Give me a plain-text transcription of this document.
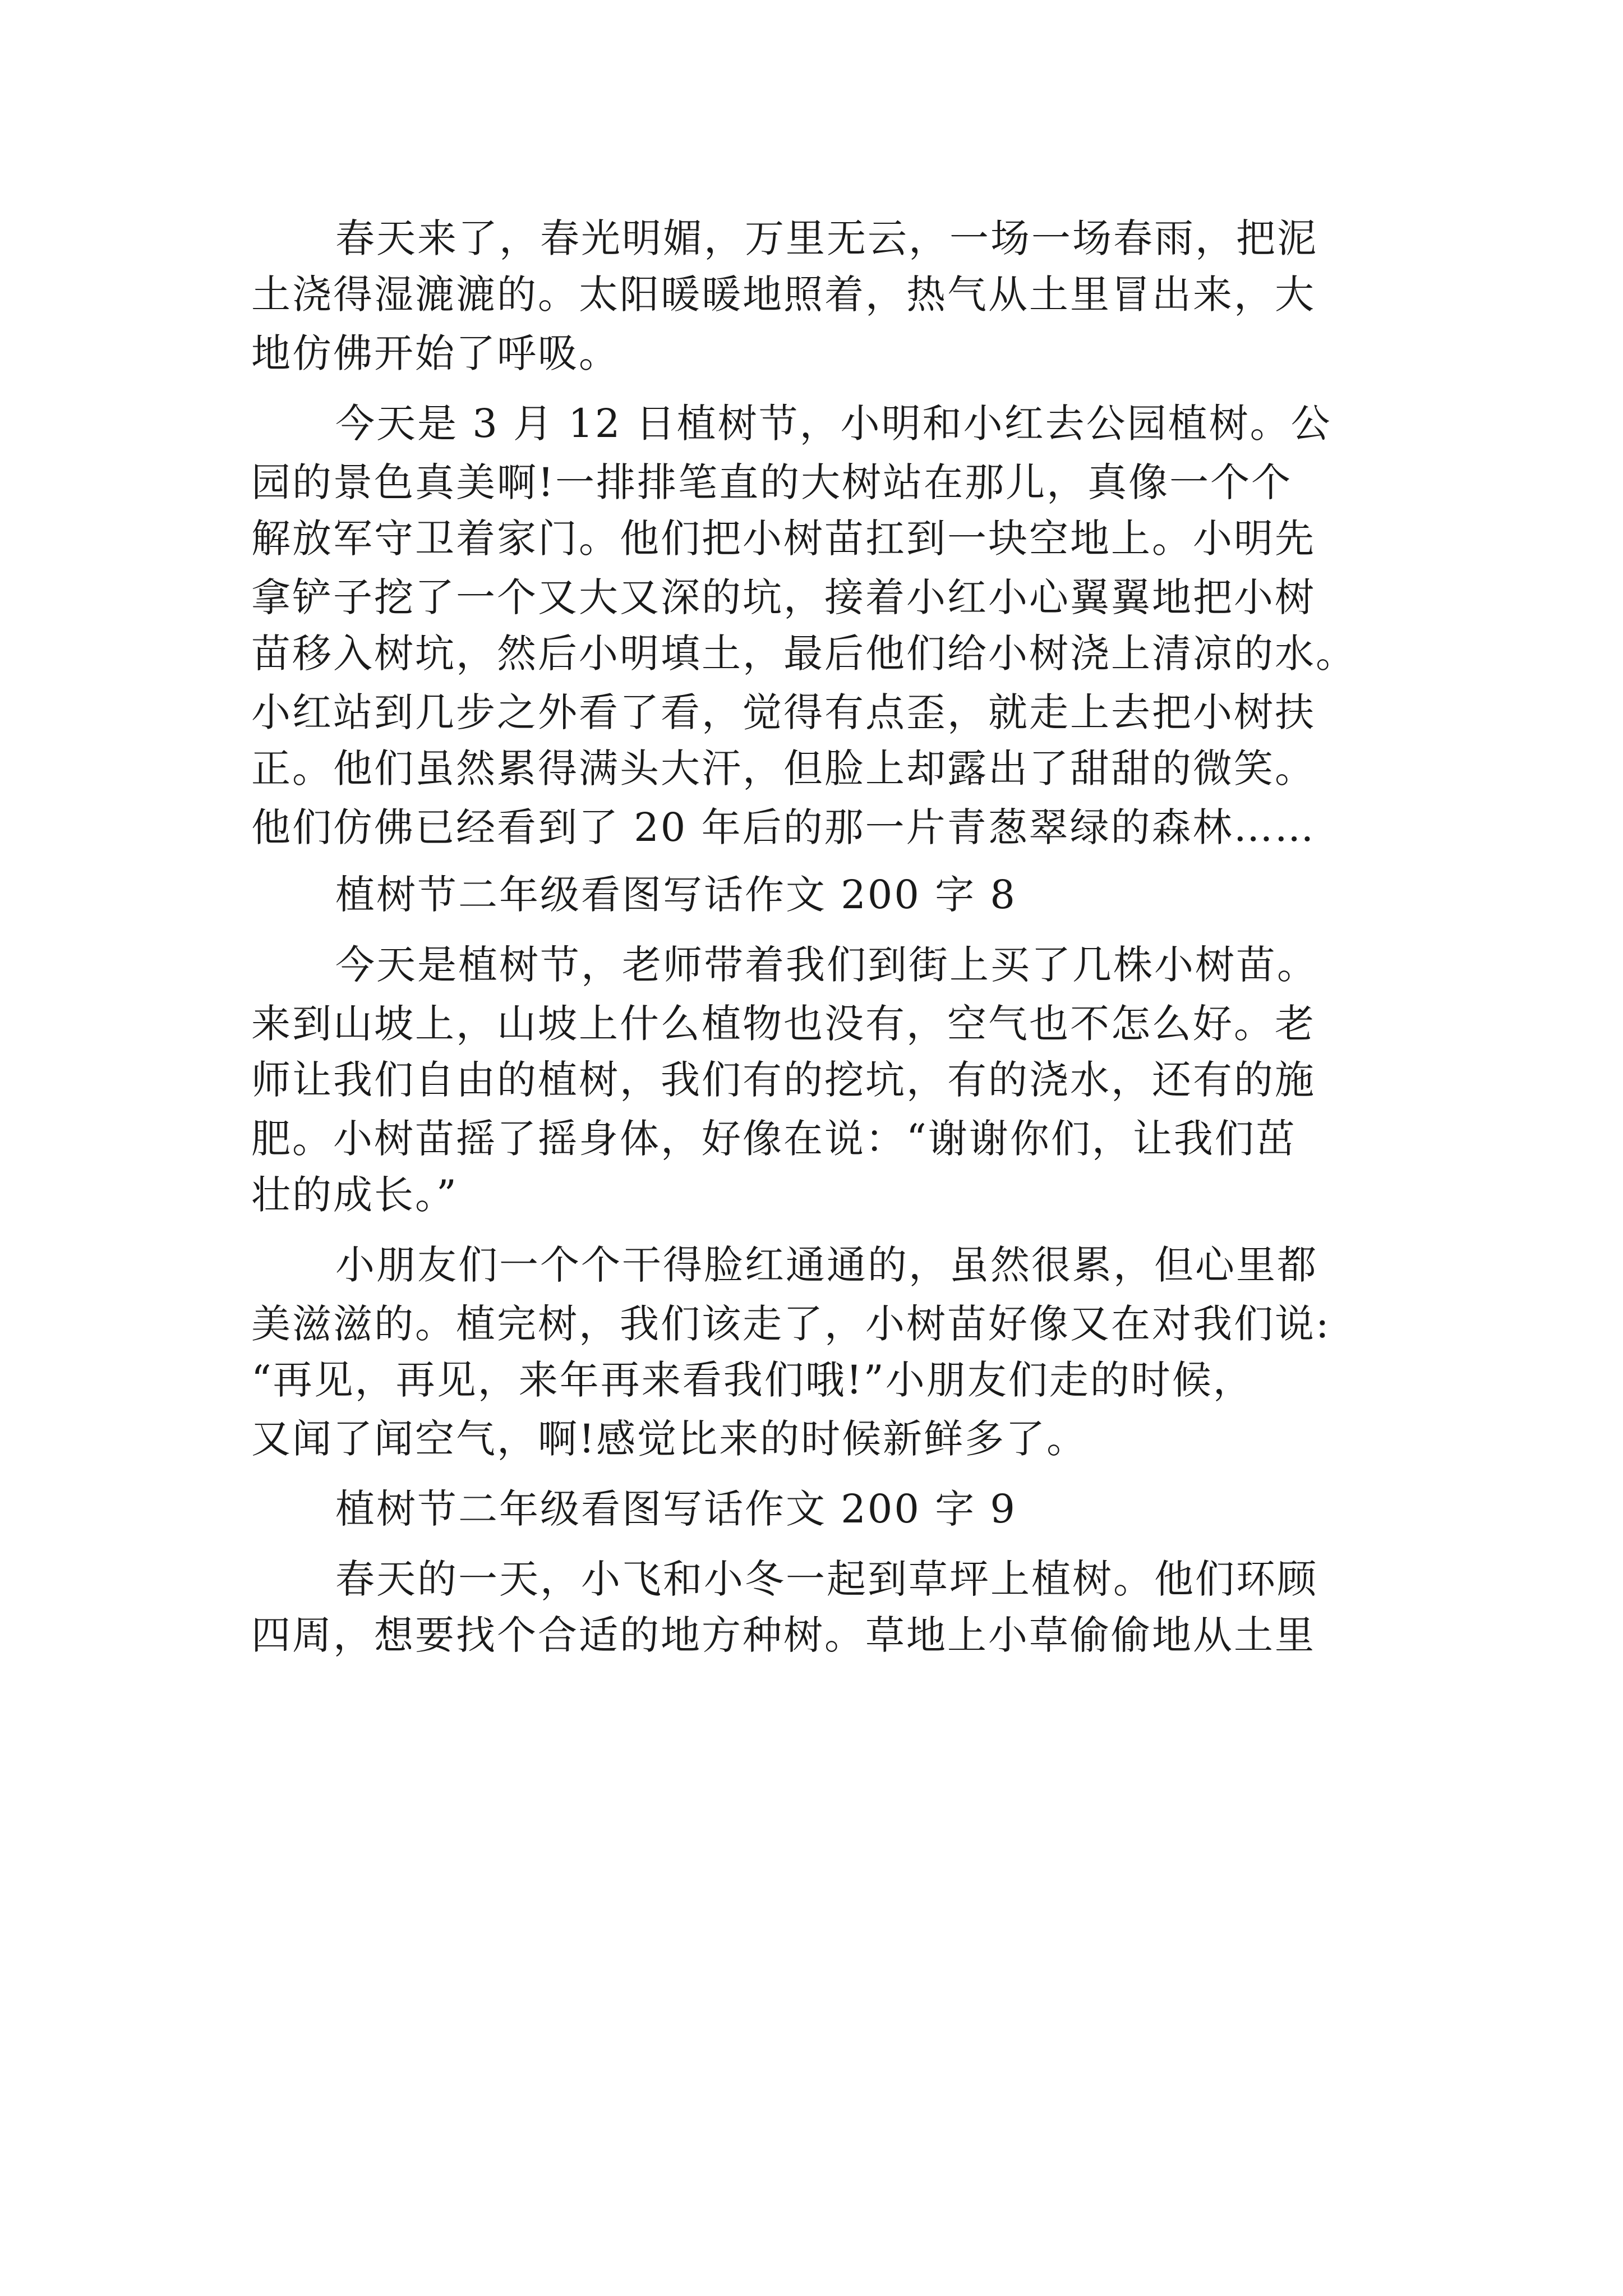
春天来了，春光明媚，万里无云，一场一场春雨，把泥
土浇得湿漉漉的。太阳暖暖地照着，热气从土里冒出来，大
地仿佛开始了呼吸。
今天是 3 月 12 日植树节，小明和小红去公园植树。公
园的景色真美啊!一排排笔直的大树站在那儿，真像一个个
解放军守卫着家门。他们把小树苗扛到一块空地上。小明先
拿铲子挖了一个又大又深的坑，接着小红小心翼翼地把小树
苗移入树坑，然后小明填土，最后他们给小树浇上清凉的水。
小红站到几步之外看了看，觉得有点歪，就走上去把小树扶
正。他们虽然累得满头大汗，但脸上却露出了甜甜的微笑。
他们仿佛已经看到了 20 年后的那一片青葱翠绿的森林……
植树节二年级看图写话作文 200 字 8
今天是植树节，老师带着我们到街上买了几株小树苗。
来到山坡上，山坡上什么植物也没有，空气也不怎么好。老
师让我们自由的植树，我们有的挖坑，有的浇水，还有的施
肥。小树苗摇了摇身体，好像在说：“谢谢你们，让我们茁
壮的成长。”
小朋友们一个个干得脸红通通的，虽然很累，但心里都
美滋滋的。植完树，我们该走了，小树苗好像又在对我们说:
“再见，再见，来年再来看我们哦!”小朋友们走的时候，
又闻了闻空气，啊!感觉比来的时候新鲜多了。
植树节二年级看图写话作文 200 字 9
春天的一天，小飞和小冬一起到草坪上植树。他们环顾
四周，想要找个合适的地方种树。草地上小草偷偷地从土里
